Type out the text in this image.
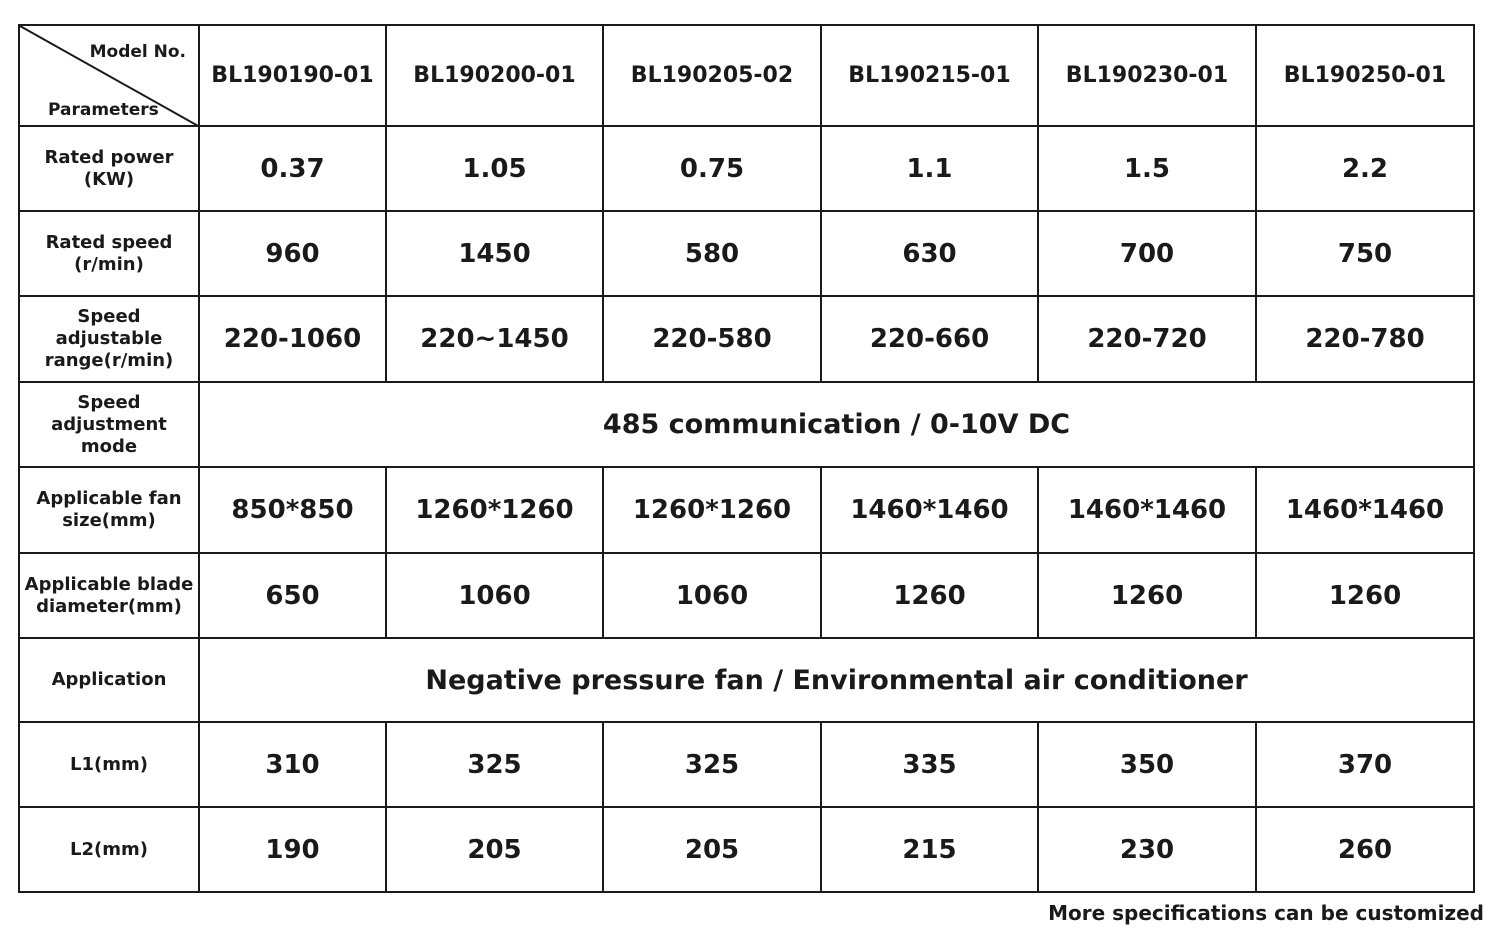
Model No.
Parameters	BL190190-01	BL190200-01	BL190205-02	BL190215-01	BL190230-01	BL190250-01

Rated power
(KW)	0.37	1.05	0.75	1.1	1.5	2.2

Rated speed
(r/min)	960	1450	580	630	700	750

Speed adjustable
range(r/min)	220-1060	220~1450	220-580	220-660	220-720	220-780

Speed
adjustment
mode	485 communication / 0-10V DC					

Applicable fan
size(mm)	850*850	1260*1260	1260*1260	1460*1460	1460*1460	1460*1460

Applicable blade
diameter(mm)	650	1060	1060	1260	1260	1260

Application	Negative pressure fan / Environmental air conditioner					

L1(mm)	310	325	325	335	350	370

L2(mm)	190	205	205	215	230	260
More specifications can be customized
